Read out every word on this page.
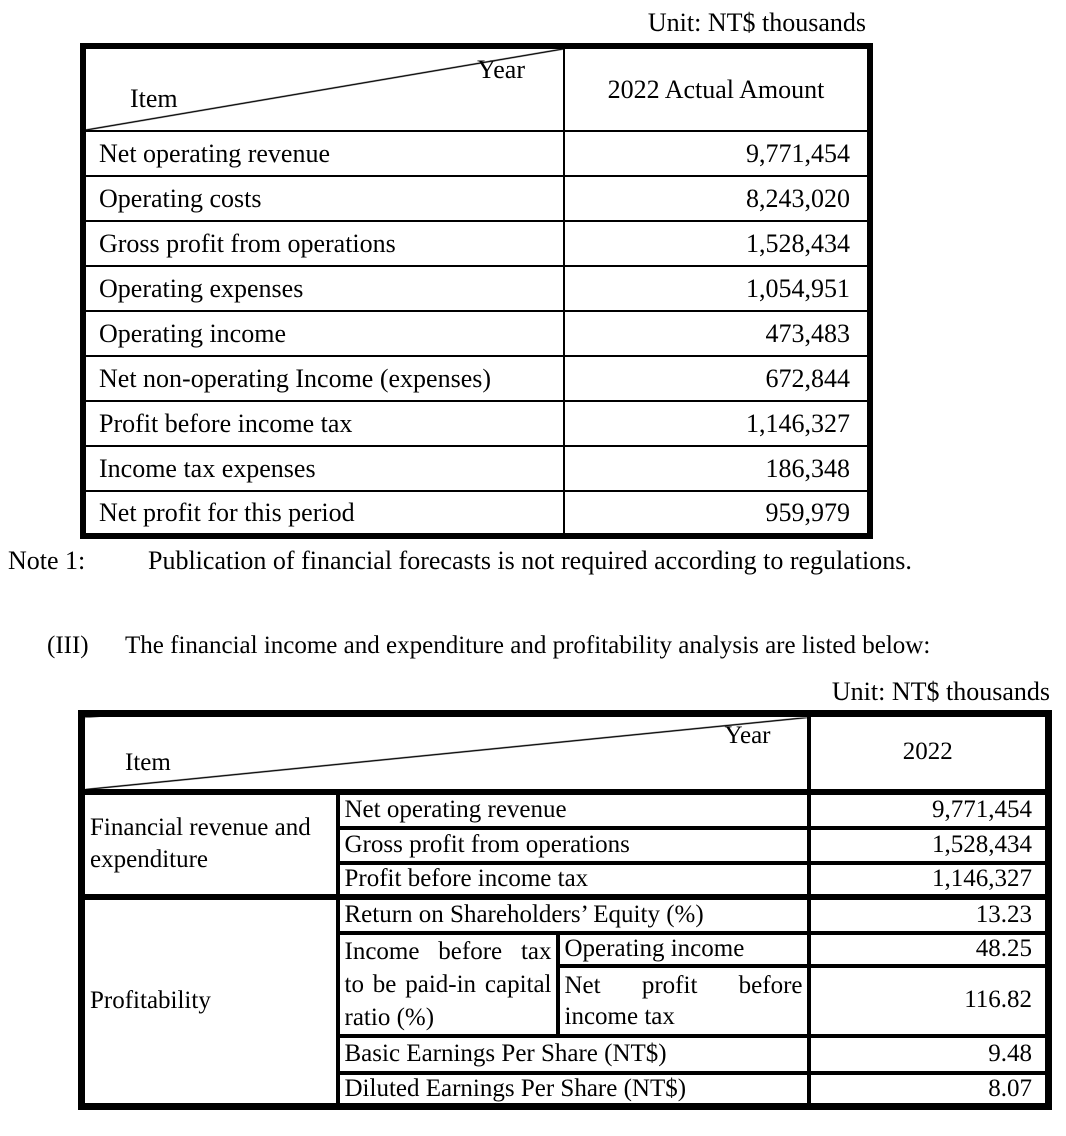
Unit: NT$ thousands
Year
Item	2022 Actual Amount
Net operating revenue	9,771,454
Operating costs	8,243,020
Gross profit from operations	1,528,434
Operating expenses	1,054,951
Operating income	473,483
Net non-operating Income (expenses)	672,844
Profit before income tax	1,146,327
Income tax expenses	186,348
Net profit for this period	959,979
Note 1: Publication of financial forecasts is not required according to regulations.
(III) The financial income and expenditure and profitability analysis are listed below:
Unit: NT$ thousands
Year
Item			2022
Financial revenue and expenditure	Net operating revenue		9,771,454
	Gross profit from operations		1,528,434
	Profit before income tax		1,146,327
Profitability	Return on Shareholders’ Equity (%)		13.23
	Income before tax to be paid-in capital ratio (%)	Operating income	48.25
		Net profit before income tax	116.82
	Basic Earnings Per Share (NT$)		9.48
	Diluted Earnings Per Share (NT$)		8.07
